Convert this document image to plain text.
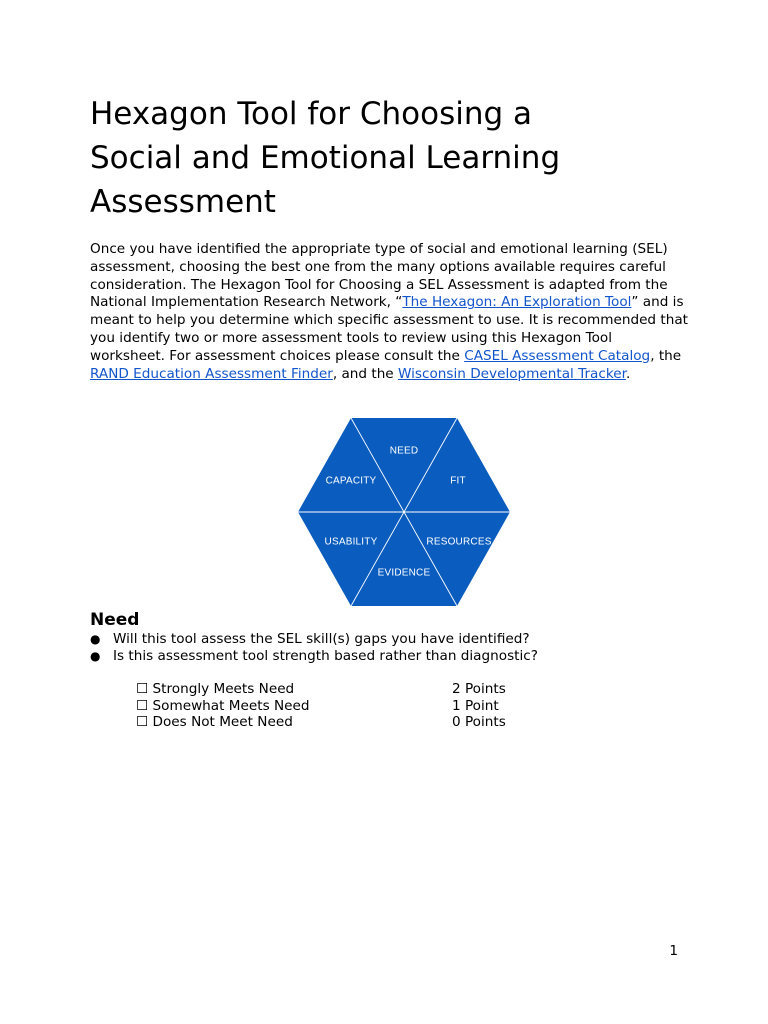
Hexagon Tool for Choosing a
Social and Emotional Learning
Assessment

Once you have identified the appropriate type of social and emotional learning (SEL) assessment, choosing the best one from the many options available requires careful consideration. The Hexagon Tool for Choosing a SEL Assessment is adapted from the National Implementation Research Network, “The Hexagon: An Exploration Tool” and is meant to help you determine which specific assessment to use. It is recommended that you identify two or more assessment tools to review using this Hexagon Tool worksheet. For assessment choices please consult the CASEL Assessment Catalog, the RAND Education Assessment Finder, and the Wisconsin Developmental Tracker.

NEED
FIT
RESOURCES
EVIDENCE
USABILITY
CAPACITY
Need
● Will this tool assess the SEL skill(s) gaps you have identified?
● Is this assessment tool strength based rather than diagnostic?
☐ Strongly Meets Need	2 Points
☐ Somewhat Meets Need	1 Point
☐ Does Not Meet Need	0 Points
1
